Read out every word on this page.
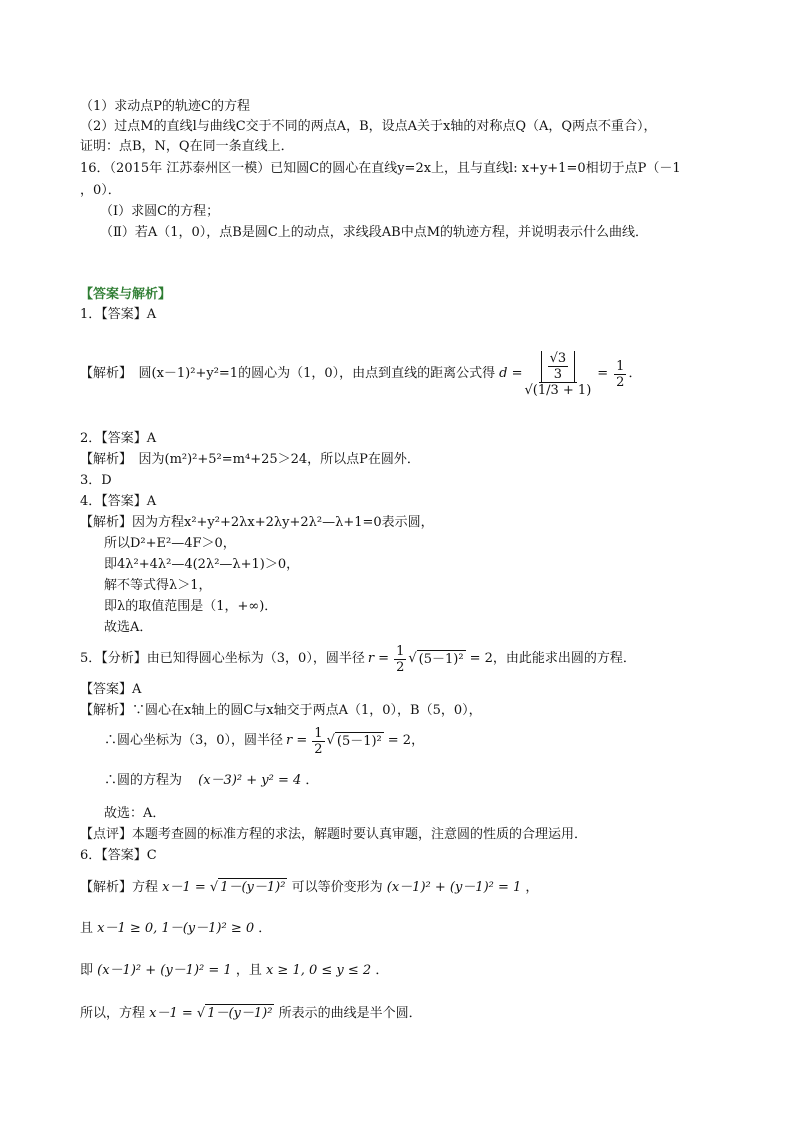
（1）求动点P的轨迹C的方程
（2）过点M的直线l与曲线C交于不同的两点A，B，设点A关于x轴的对称点Q（A，Q两点不重合），
证明：点B，N，Q在同一条直线上．
16．（2015年 江苏泰州区一模）已知圆C的圆心在直线y=2x上，且与直线l: x+y+1=0相切于点P（－1
，0）．
（Ⅰ）求圆C的方程；
（Ⅱ）若A（1，0），点B是圆C上的动点，求线段AB中点M的轨迹方程，并说明表示什么曲线．
【答案与解析】
1．【答案】A
【解析】　圆(x－1)²+y²=1的圆心为（1，0），由点到直线的距离公式得 $d = \frac{\frac{√3}{3}}{√(1/3 + 1)} = \frac{1}{2}$ ．
2．【答案】A
【解析】　因为(m²)²+5²=m⁴+25＞24，所以点P在圆外．
3．D
4．【答案】A
【解析】因为方程x²+y²+2λx+2λy+2λ²—λ+1=0表示圆，
所以D²+E²—4F＞0，
即4λ²+4λ²—4(2λ²—λ+1)＞0，
解不等式得λ＞1，
即λ的取值范围是（1，+∞)．
故选A．
5．【分析】由已知得圆心坐标为（3，0），圆半径 $r = \frac{1}{2}$ √ (5－1)² = 2 ，由此能求出圆的方程．
【答案】A
【解析】∵圆心在x轴上的圆C与x轴交于两点A（1，0），B（5，0），
∴圆心坐标为（3，0），圆半径 $r = \frac{1}{2}$ √ (5－1)² = 2 ，
∴圆的方程为 (x－3)² + y² = 4 ．
故选：A．
【点评】本题考查圆的标准方程的求法，解题时要认真审题，注意圆的性质的合理运用．
6．【答案】C
【解析】方程 x－1 = √ 1－(y－1)² 可以等价变形为 (x－1)² + (y－1)² = 1 ，
且 x－1 ≥ 0, 1－(y－1)² ≥ 0 ．
即 (x－1)² + (y－1)² = 1 ，且 x ≥ 1, 0 ≤ y ≤ 2 ．
所以，方程 x－1 = √ 1－(y－1)² 所表示的曲线是半个圆．
